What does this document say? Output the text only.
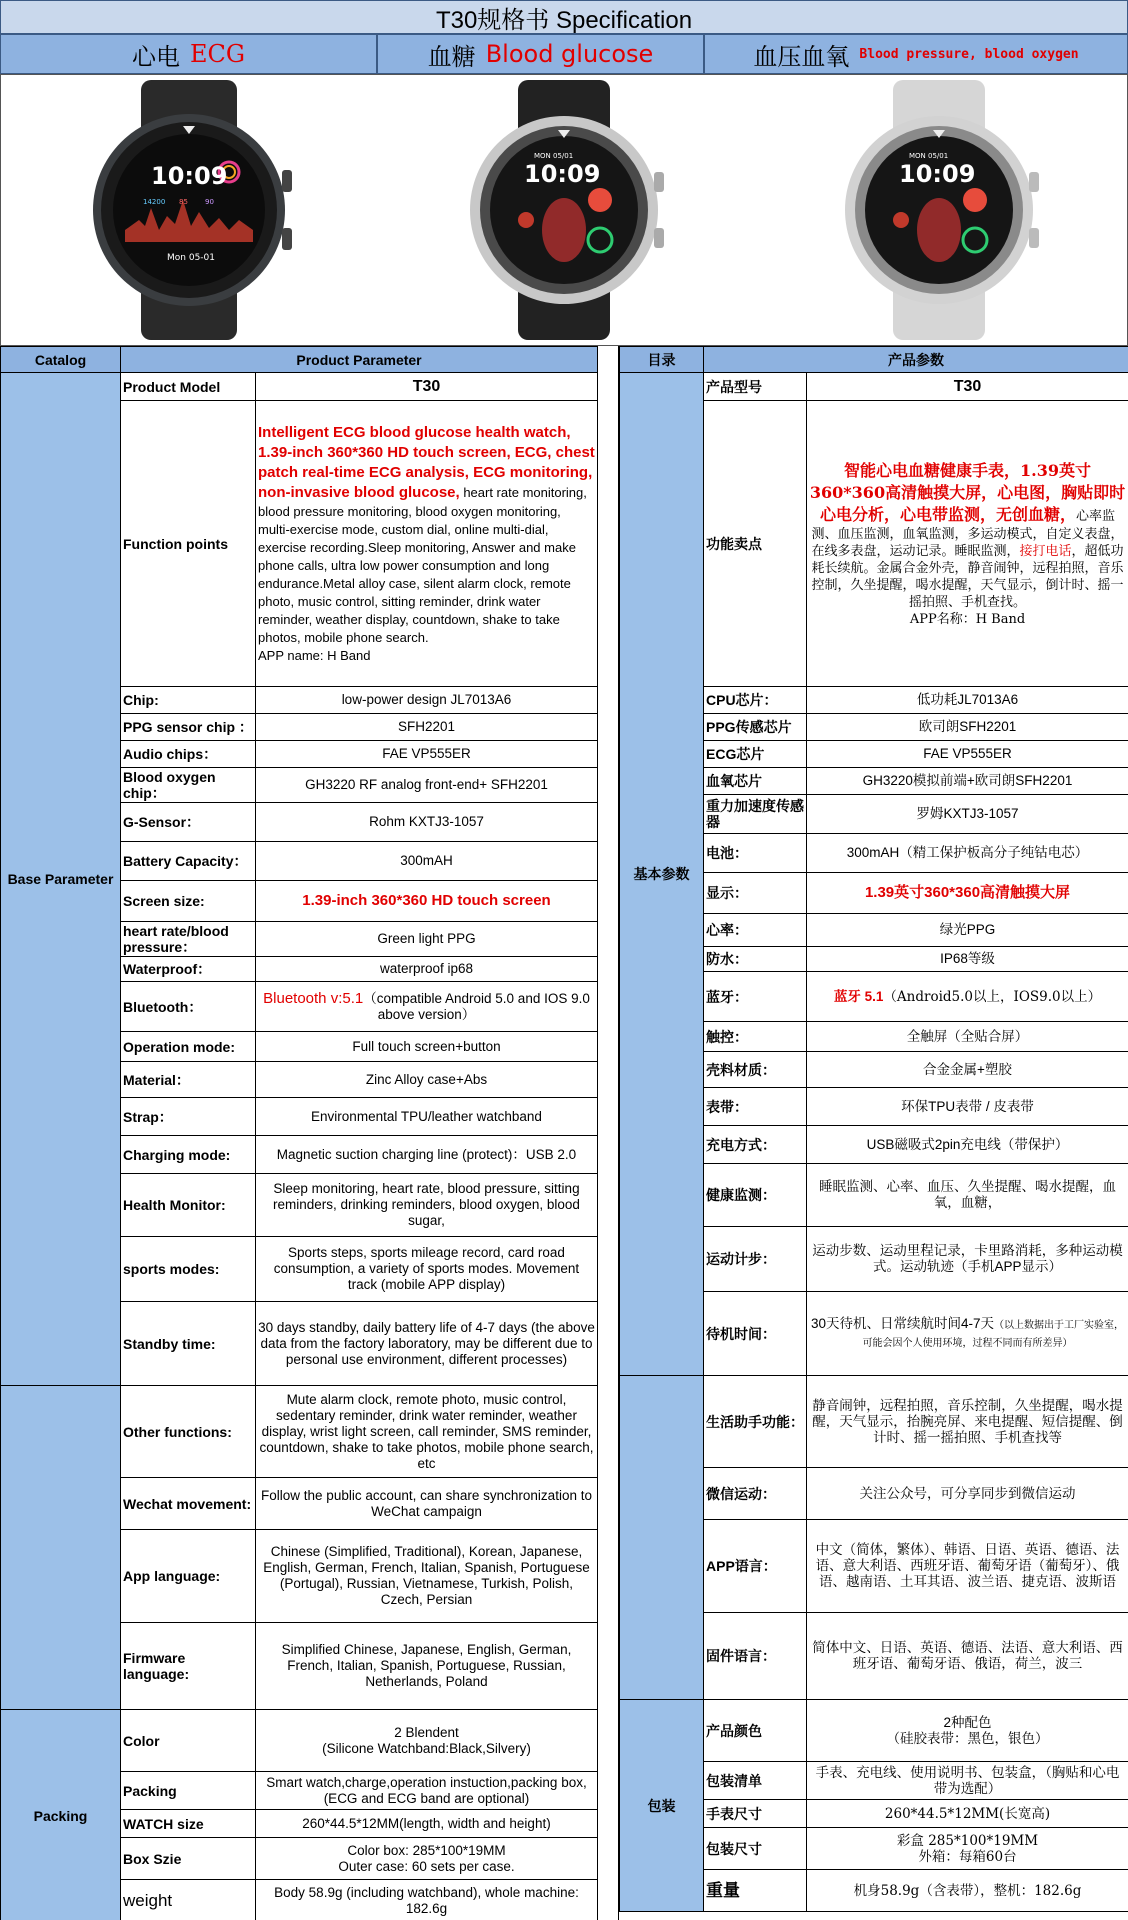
T30规格书 Specification
心电 ECG	血糖 Blood glucose	血压血氧 Blood pressure, blood oxygen
10:09
14200 85 90
Mon 05-01
10:09
MON 05/01
10:09
MON 05/01
Catalog	Product Parameter	
Base Parameter	Product Model	T30
	Function points	Intelligent ECG blood glucose health watch, 1.39-inch 360*360 HD touch screen, ECG, chest patch real-time ECG analysis, ECG monitoring, non-invasive blood glucose, heart rate monitoring, blood pressure monitoring, blood oxygen monitoring, multi-exercise mode, custom dial, online multi-dial, exercise recording.Sleep monitoring, Answer and make phone calls, ultra low power consumption and long endurance.Metal alloy case, silent alarm clock, remote photo, music control, sitting reminder, drink water reminder, weather display, countdown, shake to take photos, mobile phone search.
APP name: H Band
	Chip:	low-power design JL7013A6
	PPG sensor chip ：	SFH2201
	Audio chips：	FAE VP555ER
	Blood oxygen chip：	GH3220 RF analog front-end+ SFH2201
	G-Sensor：	Rohm KXTJ3-1057
	Battery Capacity：	300mAH
	Screen size:	1.39-inch 360*360 HD touch screen
	heart rate/blood pressure：	Green light PPG
	Waterproof：	waterproof ip68
	Bluetooth：	Bluetooth v:5.1（compatible Android 5.0 and IOS 9.0 above version）
	Operation mode:	Full touch screen+button
	Material：	Zinc Alloy case+Abs
	Strap：	Environmental TPU/leather watchband
	Charging mode:	Magnetic suction charging line (protect)：USB 2.0
	Health Monitor:	Sleep monitoring, heart rate, blood pressure, sitting reminders, drinking reminders, blood oxygen, blood sugar,
	sports modes:	Sports steps, sports mileage record, card road consumption, a variety of sports modes. Movement track (mobile APP display)
	Standby time:	30 days standby, daily battery life of 4-7 days (the above data from the factory laboratory, may be different due to personal use environment, different processes)
	Other functions:	Mute alarm clock, remote photo, music control, sedentary reminder, drink water reminder, weather display, wrist light screen, call reminder, SMS reminder, countdown, shake to take photos, mobile phone search, etc
	Wechat movement:	Follow the public account, can share synchronization to WeChat campaign
	App language:	Chinese (Simplified, Traditional), Korean, Japanese, English, German, French, Italian, Spanish, Portuguese (Portugal), Russian, Vietnamese, Turkish, Polish, Czech, Persian
	Firmware language:	Simplified Chinese, Japanese, English, German, French, Italian, Spanish, Portuguese, Russian, Netherlands, Poland
Packing	Color	2 Blendent
(Silicone Watchband:Black,Silvery)
	Packing	Smart watch,charge,operation instuction,packing box,(ECG and ECG band are optional)
	WATCH size	260*44.5*12MM(length, width and height)
	Box Szie	Color box: 285*100*19MM
Outer case: 60 sets per case.
	weight	Body 58.9g (including watchband), whole machine: 182.6g
目录	产品参数	
基本参数	产品型号	T30
	功能卖点	智能心电血糖健康手表，1.39英寸360*360高清触摸大屏，心电图，胸贴即时心电分析，心电带监测，无创血糖，心率监测、血压监测，血氧监测，多运动模式，自定义表盘，在线多表盘，运动记录。睡眠监测，接打电话，超低功耗长续航。金属合金外壳，静音闹钟，远程拍照，音乐控制，久坐提醒，喝水提醒，天气显示，倒计时、摇一摇拍照、手机查找。
APP名称：H Band
	CPU芯片：	低功耗JL7013A6
	PPG传感芯片	欧司朗SFH2201
	ECG芯片	FAE VP555ER
	血氧芯片	GH3220模拟前端+欧司朗SFH2201
	重力加速度传感器	罗姆KXTJ3-1057
	电池：	300mAH（精工保护板高分子纯钴电芯）
	显示：	1.39英寸360*360高清触摸大屏
	心率：	绿光PPG
	防水：	IP68等级
	蓝牙：	蓝牙 5.1（Android5.0以上，IOS9.0以上）
	触控：	全触屏（全贴合屏）
	壳料材质：	合金金属+塑胶
	表带：	环保TPU表带 / 皮表带
	充电方式：	USB磁吸式2pin充电线（带保护）
	健康监测：	睡眠监测、心率、血压、久坐提醒、喝水提醒，血氧，血糖，
	运动计步：	运动步数、运动里程记录，卡里路消耗，多种运动模式。运动轨迹（手机APP显示）
	待机时间：	30天待机、日常续航时间4-7天（以上数据出于工厂实验室，可能会因个人使用环境，过程不同而有所差异）
	生活助手功能：	静音闹钟，远程拍照，音乐控制，久坐提醒，喝水提醒，天气显示，抬腕亮屏、来电提醒、短信提醒、倒计时、摇一摇拍照、手机查找等
	微信运动：	关注公众号，可分享同步到微信运动
	APP语言：	中文（简体，繁体）、韩语、日语、英语、德语、法语、意大利语、西班牙语、葡萄牙语（葡萄牙）、俄语、越南语、土耳其语、波兰语、捷克语、波斯语
	固件语言：	简体中文、日语、英语、德语、法语、意大利语、西班牙语、葡萄牙语、俄语，荷兰，波三
包装	产品颜色	2种配色
（硅胶表带：黑色，银色）
	包装清单	手表、充电线、使用说明书、包装盒，（胸贴和心电带为选配）
	手表尺寸	260*44.5*12MM(长宽高)
	包装尺寸	彩盒 285*100*19MM
外箱：每箱60台
	重量	机身58.9g（含表带），整机：182.6g
